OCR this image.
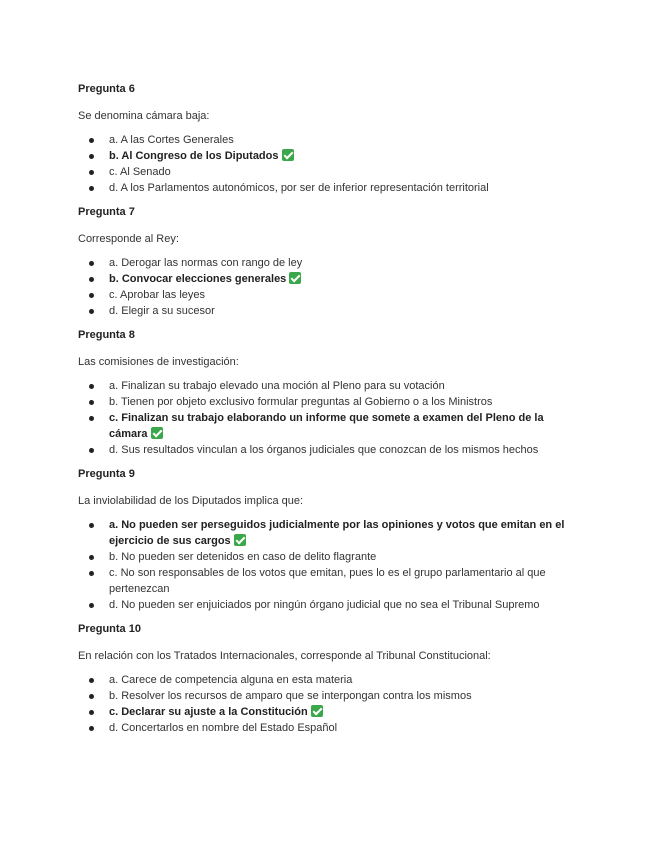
Pregunta 6
Se denomina cámara baja:
a. A las Cortes Generales
b. Al Congreso de los Diputados
c. Al Senado
d. A los Parlamentos autonómicos, por ser de inferior representación territorial
Pregunta 7
Corresponde al Rey:
a. Derogar las normas con rango de ley
b. Convocar elecciones generales
c. Aprobar las leyes
d. Elegir a su sucesor
Pregunta 8
Las comisiones de investigación:
a. Finalizan su trabajo elevado una moción al Pleno para su votación
b. Tienen por objeto exclusivo formular preguntas al Gobierno o a los Ministros
c. Finalizan su trabajo elaborando un informe que somete a examen del Pleno de la cámara
d. Sus resultados vinculan a los órganos judiciales que conozcan de los mismos hechos
Pregunta 9
La inviolabilidad de los Diputados implica que:
a. No pueden ser perseguidos judicialmente por las opiniones y votos que emitan en el ejercicio de sus cargos
b. No pueden ser detenidos en caso de delito flagrante
c. No son responsables de los votos que emitan, pues lo es el grupo parlamentario al que pertenezcan
d. No pueden ser enjuiciados por ningún órgano judicial que no sea el Tribunal Supremo
Pregunta 10
En relación con los Tratados Internacionales, corresponde al Tribunal Constitucional:
a. Carece de competencia alguna en esta materia
b. Resolver los recursos de amparo que se interpongan contra los mismos
c. Declarar su ajuste a la Constitución
d. Concertarlos en nombre del Estado Español
